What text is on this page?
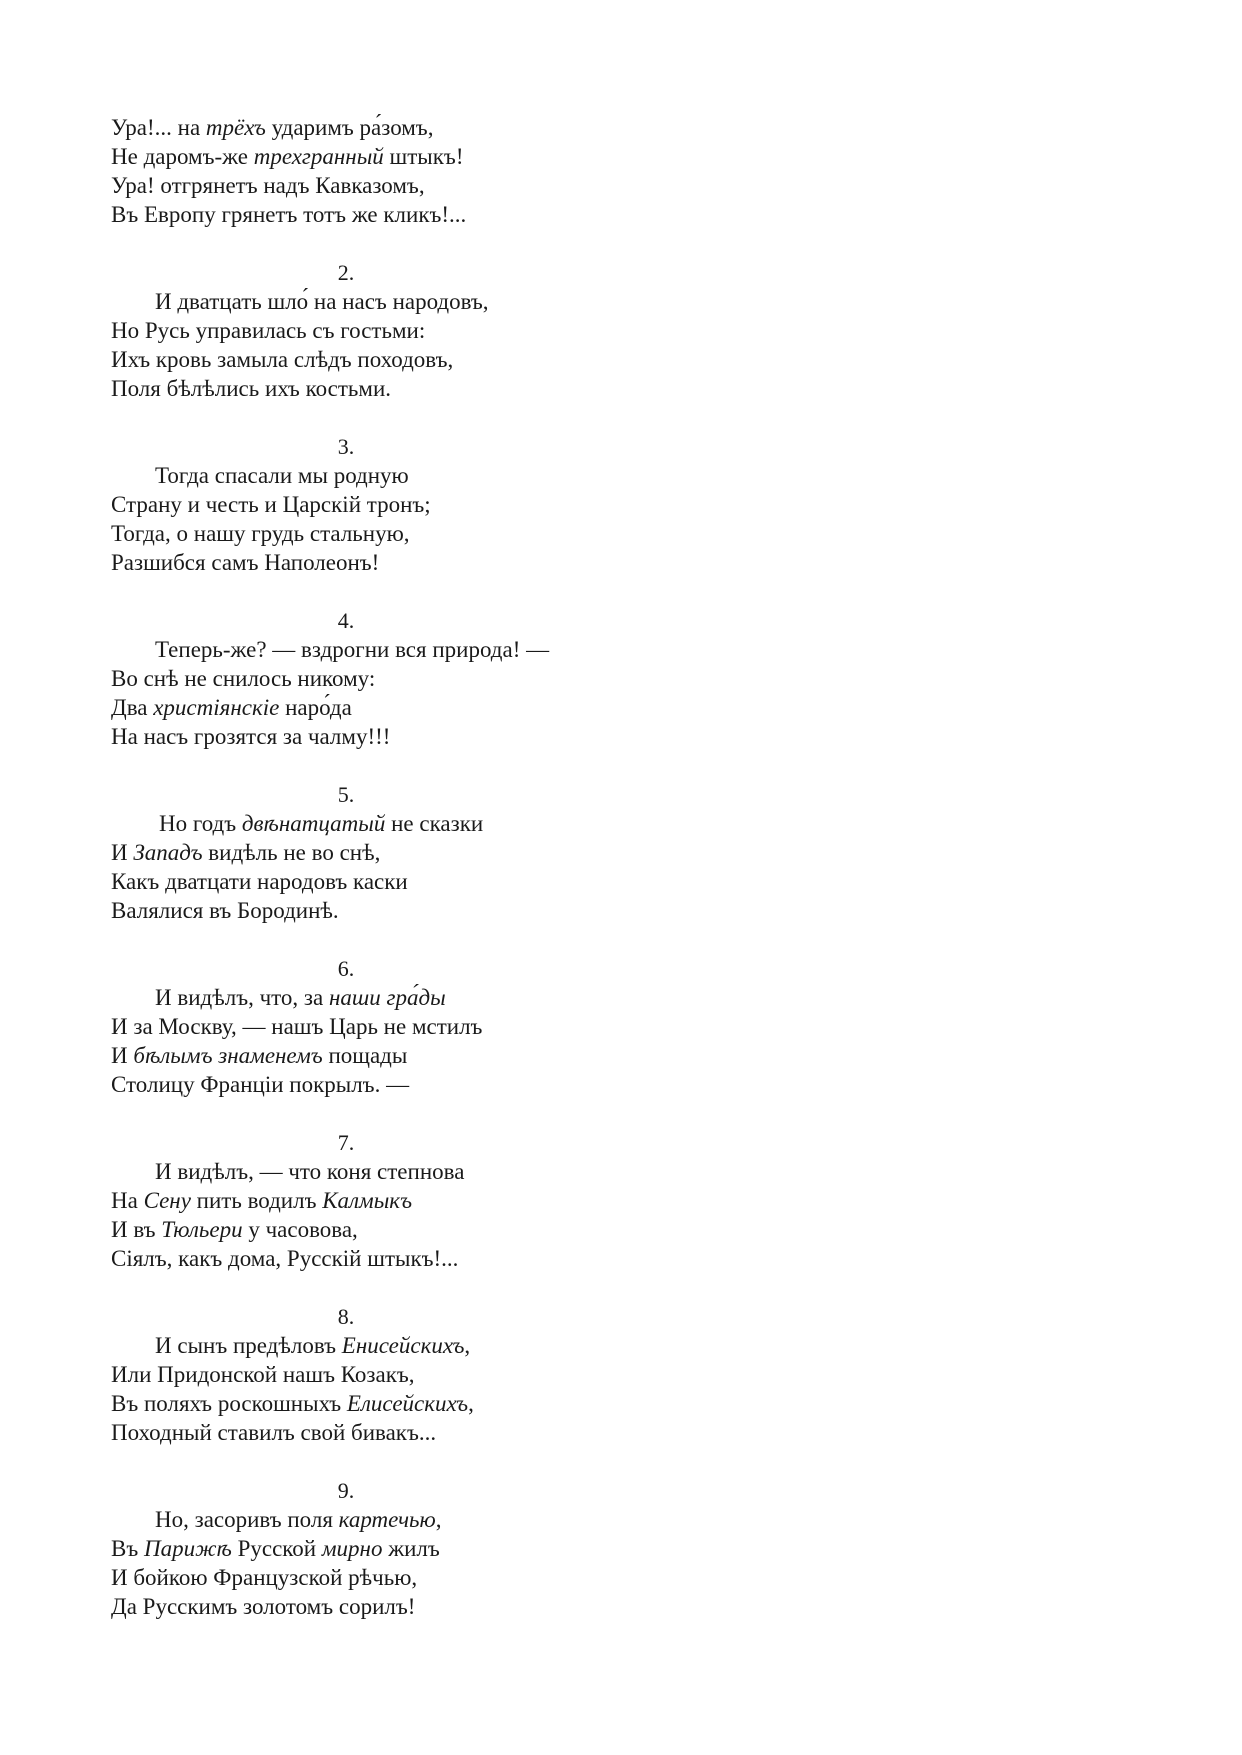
Ура!... на трёхъ ударимъ ра́зомъ,
Не даромъ-же трехгранный штыкъ!
Ура! отгрянетъ надъ Кавказомъ,
Въ Европу грянетъ тотъ же кликъ!...
2.
И дватцать шло́ на насъ народовъ,
Но Русь управилась съ гостьми:
Ихъ кровь замыла слѣдъ походовъ,
Поля бѣлѣлись ихъ костьми.
3.
Тогда спасали мы родную
Страну и честь и Царскій тронъ;
Тогда, о нашу грудь стальную,
Разшибся самъ Наполеонъ!
4.
Теперь-же? — вздрогни вся природа! —
Во снѣ не снилось никому:
Два христіянскіе наро́да
На насъ грозятся за чалму!!!
5.
Но годъ двѣнатцатый не сказки
И Западъ видѣль не во снѣ,
Какъ дватцати народовъ каски
Валялися въ Бородинѣ.
6.
И видѣлъ, что, за наши гра́ды
И за Москву, — нашъ Царь не мстилъ
И бѣлымъ знаменемъ пощады
Столицу Франціи покрылъ. —
7.
И видѣлъ, — что коня степнова
На Сену пить водилъ Калмыкъ
И въ Тюльери у часовова,
Сіялъ, какъ дома, Русскій штыкъ!...
8.
И сынъ предѣловъ Енисейскихъ,
Или Придонской нашъ Козакъ,
Въ поляхъ роскошныхъ Елисейскихъ,
Походный ставилъ свой бивакъ...
9.
Но, засоривъ поля картечью,
Въ Парижѣ Русской мирно жилъ
И бойкою Французской рѣчью,
Да Русскимъ золотомъ сорилъ!
